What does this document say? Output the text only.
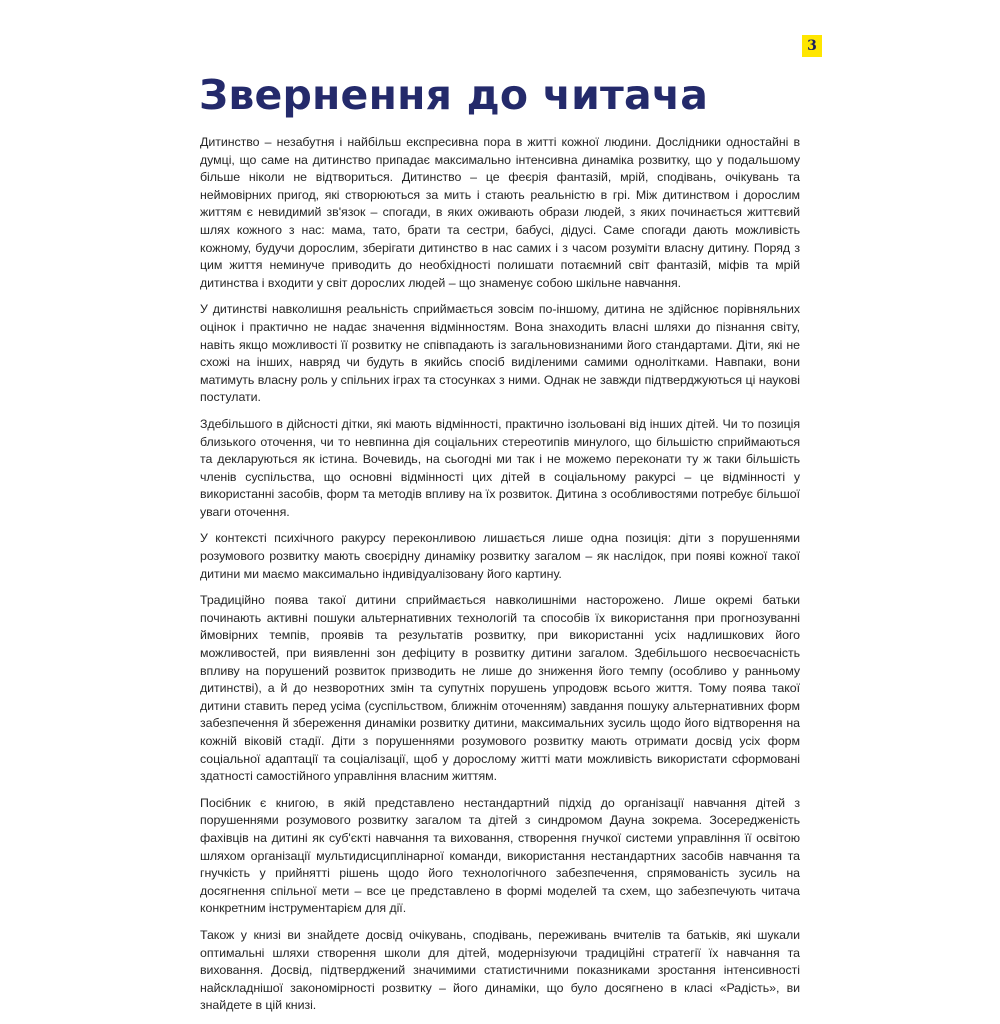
3
Звернення до читача

Дитинство – незабутня і найбільш експресивна пора в житті кожної людини. Дослідники одностайні в думці, що саме на дитинство припадає максимально інтенсивна динаміка розвитку, що у подальшому більше ніколи не відтвориться. Дитинство – це феєрія фантазій, мрій, сподівань, очікувань та неймовірних пригод, які створюються за мить і стають реальністю в грі. Між дитинством і дорослим життям є невидимий зв'язок – спогади, в яких оживають образи людей, з яких починається життєвий шлях кожного з нас: мама, тато, брати та сестри, бабусі, дідусі. Саме спогади дають можливість кожному, будучи дорослим, зберігати дитинство в нас самих і з часом розуміти власну дитину. Поряд з цим життя неминуче приводить до необхідності полишати потаємний світ фантазій, міфів та мрій дитинства і входити у світ дорослих людей – що знаменує собою шкільне навчання.

У дитинстві навколишня реальність сприймається зовсім по-іншому, дитина не здійснює порівняльних оцінок і практично не надає значення відмінностям. Вона знаходить власні шляхи до пізнання світу, навіть якщо можливості її розвитку не співпадають із загальновизнаними його стандартами. Діти, які не схожі на інших, навряд чи будуть в якийсь спосіб виділеними самими однолітками. Навпаки, вони матимуть власну роль у спільних іграх та стосунках з ними. Однак не завжди підтверджуються ці наукові постулати.

Здебільшого в дійсності дітки, які мають відмінності, практично ізольовані від інших дітей. Чи то позиція близького оточення, чи то невпинна дія соціальних стереотипів минулого, що більшістю сприймаються та декларуються як істина. Вочевидь, на сьогодні ми так і не можемо переконати ту ж таки більшість членів суспільства, що основні відмінності цих дітей в соціальному ракурсі – це відмінності у використанні засобів, форм та методів впливу на їх розвиток. Дитина з особливостями потребує більшої уваги оточення.

У контексті психічного ракурсу переконливою лишається лише одна позиція: діти з порушеннями розумового розвитку мають своєрідну динаміку розвитку загалом – як наслідок, при появі кожної такої дитини ми маємо максимально індивідуалізовану його картину.

Традиційно поява такої дитини сприймається навколишніми насторожено. Лише окремі батьки починають активні пошуки альтернативних технологій та способів їх використання при прогнозуванні ймовірних темпів, проявів та результатів розвитку, при використанні усіх надлишкових його можливостей, при виявленні зон дефіциту в розвитку дитини загалом. Здебільшого несвоєчасність впливу на порушений розвиток призводить не лише до зниження його темпу (особливо у ранньому дитинстві), а й до незворотних змін та супутніх порушень упродовж всього життя. Тому поява такої дитини ставить перед усіма (суспільством, ближнім оточенням) завдання пошуку альтернативних форм забезпечення й збереження динаміки розвитку дитини, максимальних зусиль щодо його відтворення на кожній віковій стадії. Діти з порушеннями розумового розвитку мають отримати досвід усіх форм соціальної адаптації та соціалізації, щоб у дорослому житті мати можливість використати сформовані здатності самостійного управління власним життям.

Посібник є книгою, в якій представлено нестандартний підхід до організації навчання дітей з порушеннями розумового розвитку загалом та дітей з синдромом Дауна зокрема. Зосередженість фахівців на дитині як суб'єкті навчання та виховання, створення гнучкої системи управління її освітою шляхом організації мультидисциплінарної команди, використання нестандартних засобів навчання та гнучкість у прийнятті рішень щодо його технологічного забезпечення, спрямованість зусиль на досягнення спільної мети – все це представлено в формі моделей та схем, що забезпечують читача конкретним інструментарієм для дії.

Також у книзі ви знайдете досвід очікувань, сподівань, переживань вчителів та батьків, які шукали оптимальні шляхи створення школи для дітей, модернізуючи традиційні стратегії їх навчання та виховання. Досвід, підтверджений значимими статистичними показниками зростання інтенсивності найскладнішої закономірності розвитку – його динаміки, що було досягнено в класі «Радість», ви знайдете в цій книзі.
